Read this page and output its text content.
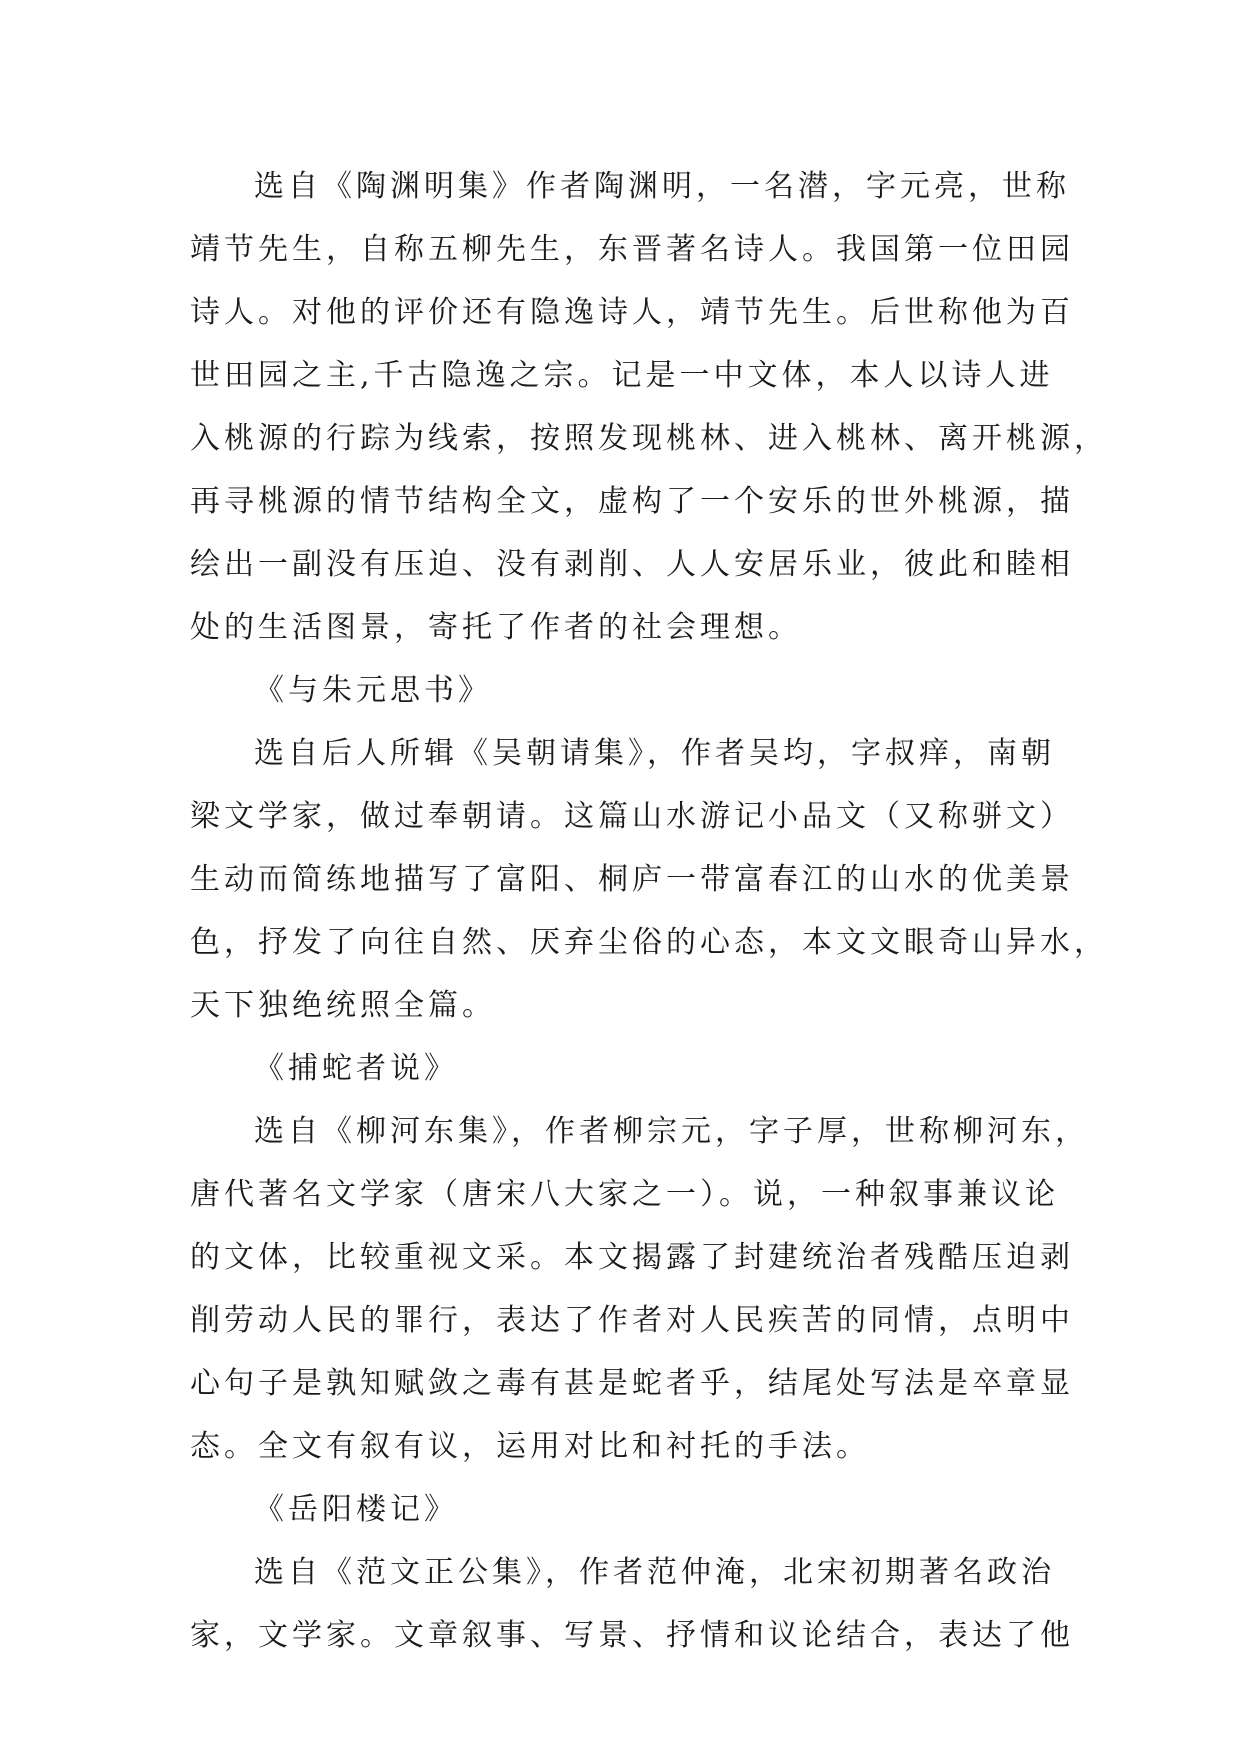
选自《陶渊明集》作者陶渊明，一名潜，字元亮，世称
靖节先生，自称五柳先生，东晋著名诗人。我国第一位田园
诗人。对他的评价还有隐逸诗人，靖节先生。后世称他为百
世田园之主,千古隐逸之宗。记是一中文体，本人以诗人进
入桃源的行踪为线索，按照发现桃林、进入桃林、离开桃源，
再寻桃源的情节结构全文，虚构了一个安乐的世外桃源，描
绘出一副没有压迫、没有剥削、人人安居乐业，彼此和睦相
处的生活图景，寄托了作者的社会理想。
《与朱元思书》
选自后人所辑《吴朝请集》，作者吴均，字叔痒，南朝
梁文学家，做过奉朝请。这篇山水游记小品文（又称骈文）
生动而简练地描写了富阳、桐庐一带富春江的山水的优美景
色，抒发了向往自然、厌弃尘俗的心态，本文文眼奇山异水，
天下独绝统照全篇。
《捕蛇者说》
选自《柳河东集》，作者柳宗元，字子厚，世称柳河东，
唐代著名文学家（唐宋八大家之一）。说，一种叙事兼议论
的文体，比较重视文采。本文揭露了封建统治者残酷压迫剥
削劳动人民的罪行，表达了作者对人民疾苦的同情，点明中
心句子是孰知赋敛之毒有甚是蛇者乎，结尾处写法是卒章显
态。全文有叙有议，运用对比和衬托的手法。
《岳阳楼记》
选自《范文正公集》，作者范仲淹，北宋初期著名政治
家，文学家。文章叙事、写景、抒情和议论结合，表达了他
